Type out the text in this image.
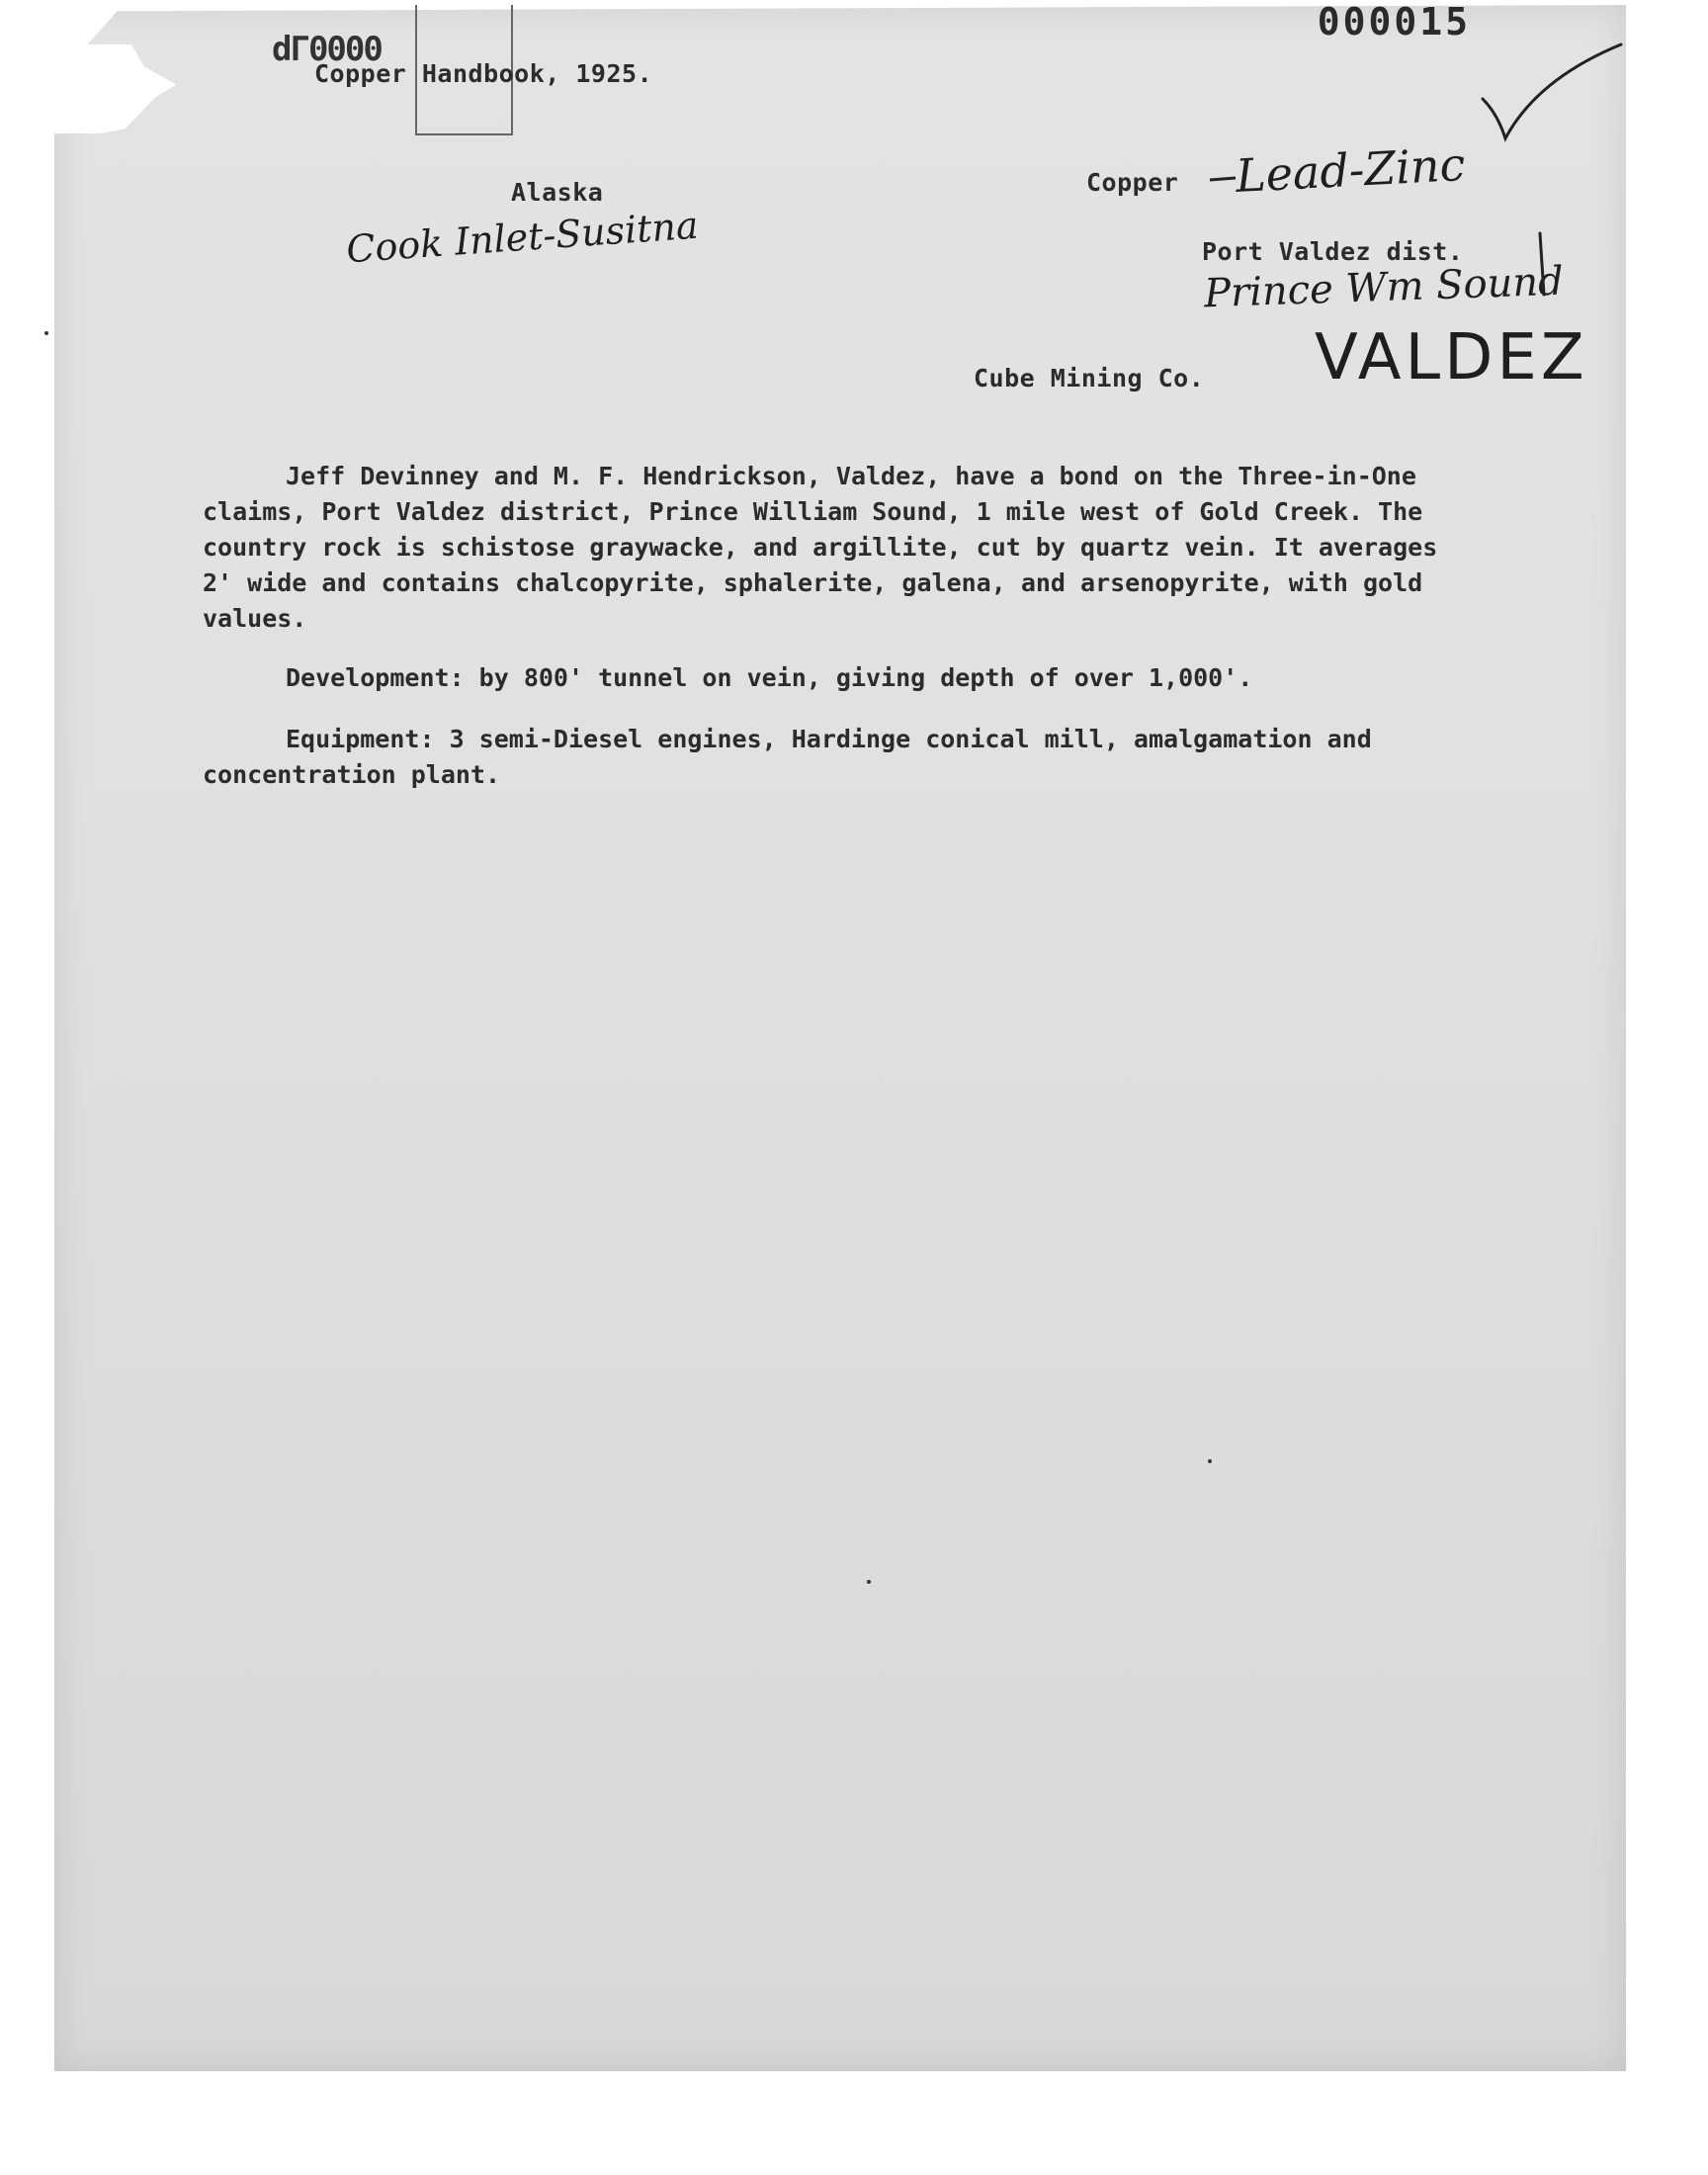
dΓ0000
000015
Copper Handbook, 1925.
Alaska
Cook Inlet-Susitna
Copper Lead-Zinc
Port Valdez dist.
Prince Wm Sound
Cube Mining Co. VALDEZ
Jeff Devinney and M. F. Hendrickson, Valdez, have a bond on the Three-in-One claims, Port Valdez district, Prince William Sound, 1 mile west of Gold Creek. The country rock is schistose graywacke, and argillite, cut by quartz vein. It averages 2' wide and contains chalcopyrite, sphalerite, galena, and arsenopyrite, with gold values.
Development: by 800' tunnel on vein, giving depth of over 1,000'.
Equipment: 3 semi-Diesel engines, Hardinge conical mill, amalgamation and concentration plant.
